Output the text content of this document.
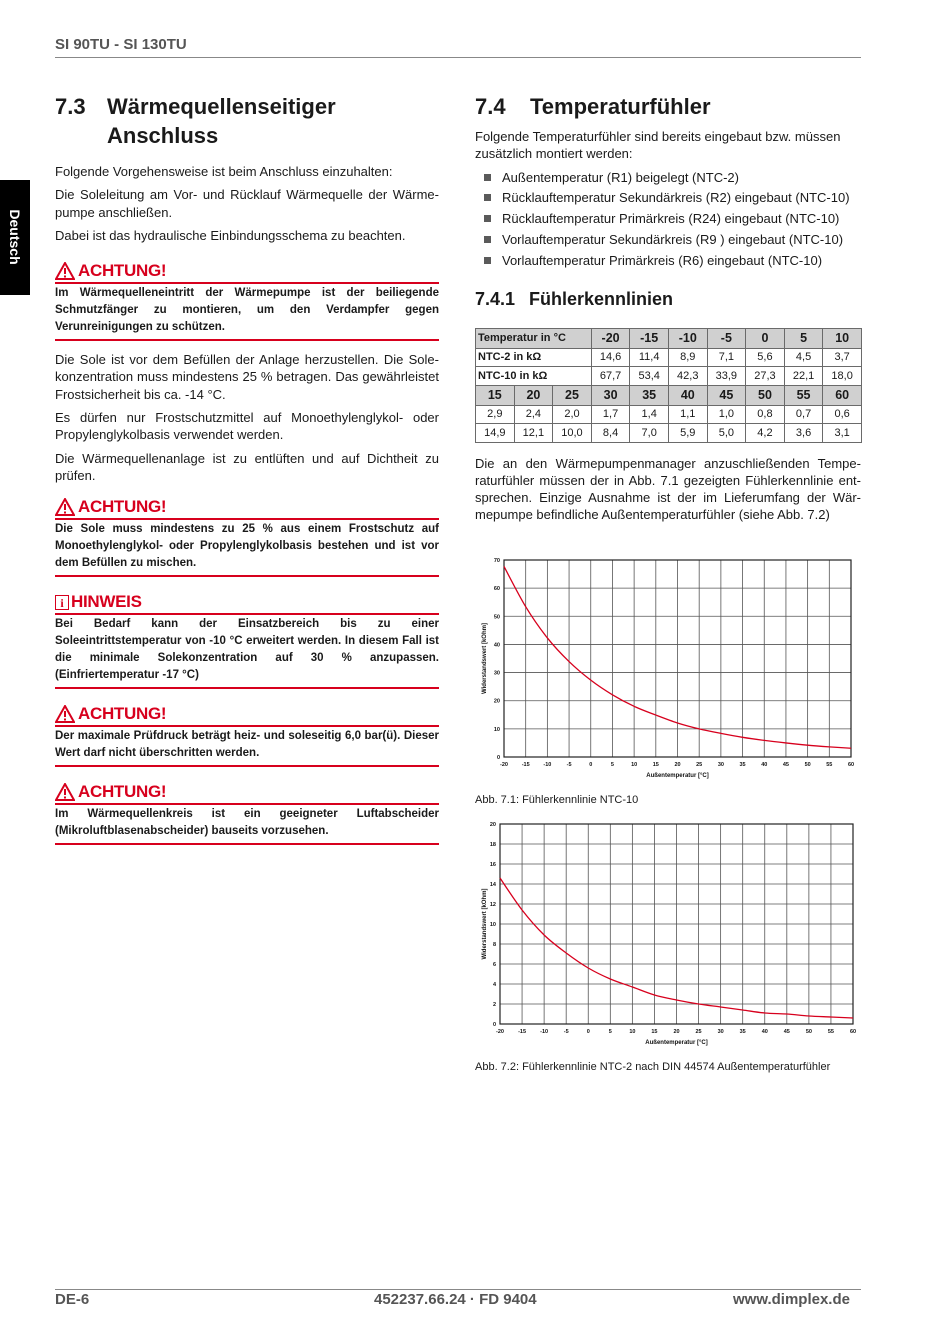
SI 90TU - SI 130TU
Deutsch
7.3 Wärmequellenseitiger
Anschluss

Folgende Vorgehensweise ist beim Anschluss einzuhalten:

Die Soleleitung am Vor- und Rücklauf Wärmequelle der Wärmepumpe anschließen.

Dabei ist das hydraulische Einbindungsschema zu beachten.

ACHTUNG!
Im Wärmequelleneintritt der Wärmepumpe ist der beiliegende Schmutzfänger zu montieren, um den Verdampfer gegen Verunreinigungen zu schützen.

Die Sole ist vor dem Befüllen der Anlage herzustellen. Die Solekonzentration muss mindestens 25 % betragen. Das gewährleistet Frostsicherheit bis ca. -14 °C.

Es dürfen nur Frostschutzmittel auf Monoethylenglykol- oder Propylenglykolbasis verwendet werden.

Die Wärmequellenanlage ist zu entlüften und auf Dichtheit zu prüfen.

ACHTUNG!
Die Sole muss mindestens zu 25 % aus einem Frostschutz auf Monoethylenglykol- oder Propylenglykolbasis bestehen und ist vor dem Befüllen zu mischen.
i HINWEIS
Bei Bedarf kann der Einsatzbereich bis zu einer Soleeintrittstemperatur von -10 °C erweitert werden. In diesem Fall ist die minimale Solekonzentration auf 30 % anzupassen. (Einfriertemperatur -17 °C)
ACHTUNG!
Der maximale Prüfdruck beträgt heiz- und soleseitig 6,0 bar(ü). Dieser Wert darf nicht überschritten werden.
ACHTUNG!
Im Wärmequellenkreis ist ein geeigneter Luftabscheider (Mikroluftblasenabscheider) bauseits vorzusehen.
7.4	Temperaturfühler

Folgende Temperaturfühler sind bereits eingebaut bzw. müssen zusätzlich montiert werden:

Außentemperatur (R1) beigelegt (NTC-2)
Rücklauftemperatur Sekundärkreis (R2) eingebaut (NTC-10)
Rücklauftemperatur Primärkreis (R24) eingebaut (NTC-10)
Vorlauftemperatur Sekundärkreis (R9 ) eingebaut (NTC-10)
Vorlauftemperatur Primärkreis (R6) eingebaut (NTC-10)
7.4.1 Fühlerkennlinien
Temperatur in °C			-20	-15	-10	-5	0	5	10
NTC-2 in kΩ			14,6	11,4	8,9	7,1	5,6	4,5	3,7
NTC-10 in kΩ			67,7	53,4	42,3	33,9	27,3	22,1	18,0
15	20	25	30	35	40	45	50	55	60
2,9	2,4	2,0	1,7	1,4	1,1	1,0	0,8	0,7	0,6
14,9	12,1	10,0	8,4	7,0	5,9	5,0	4,2	3,6	3,1

Die an den Wärmepumpenmanager anzuschließenden Temperaturfühler müssen der in Abb. 7.1 gezeigten Fühlerkennlinie entsprechen. Einzige Ausnahme ist der im Lieferumfang der Wärmepumpe befindliche Außentemperaturfühler (siehe Abb. 7.2)

-20 -15 -10	-5	0	5	10	15	20	25	30	35	40	45	50	55	60
0
10
20
30
40
50
60
70
Außentemperatur [°C]
Widerstandswert [kOhm]
Abb. 7.1: Fühlerkennlinie NTC-10
-20	-15	-10	-5	0	5	10	15	20	25	30	35	40	45	50	55	60
0
2
4
6
8
10
12
14
16
18
20
Außentemperatur [°C]
Widerstandswert [kOhm]
Abb. 7.2: Fühlerkennlinie NTC-2 nach DIN 44574 Außentemperaturfühler
DE-6	452237.66.24 · FD 9404	www.dimplex.de
